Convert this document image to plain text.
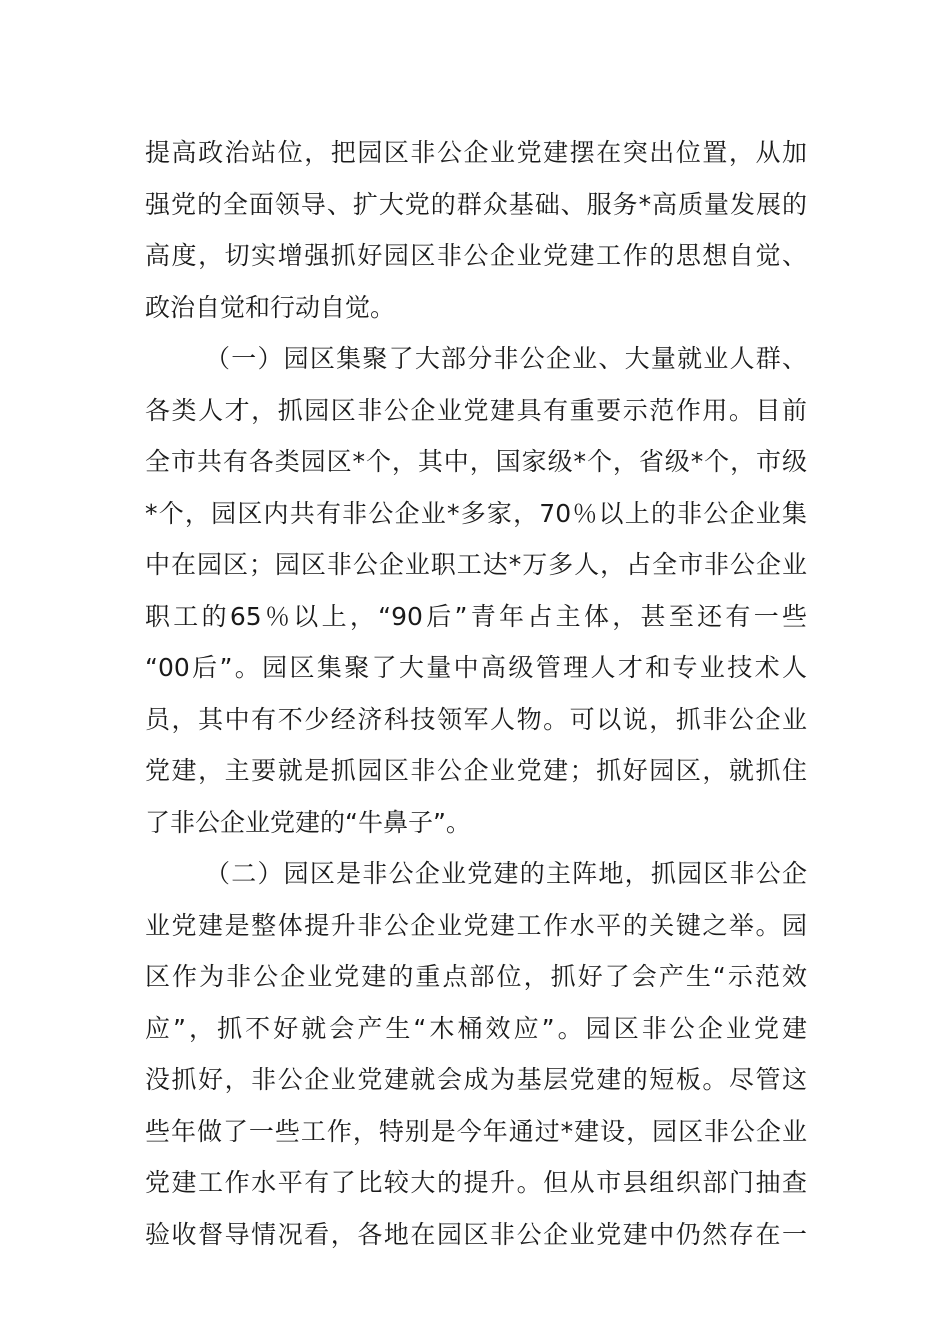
提高政治站位，把园区非公企业党建摆在突出位置，从加
强党的全面领导、扩大党的群众基础、服务*高质量发展的
高度，切实增强抓好园区非公企业党建工作的思想自觉、
政治自觉和行动自觉。
（一）园区集聚了大部分非公企业、大量就业人群、
各类人才，抓园区非公企业党建具有重要示范作用。目前
全市共有各类园区*个，其中，国家级*个，省级*个，市级
*个，园区内共有非公企业*多家，70％以上的非公企业集
中在园区；园区非公企业职工达*万多人，占全市非公企业
职工的65％以上，“90后”青年占主体，甚至还有一些
“00后”。园区集聚了大量中高级管理人才和专业技术人
员，其中有不少经济科技领军人物。可以说，抓非公企业
党建，主要就是抓园区非公企业党建；抓好园区，就抓住
了非公企业党建的“牛鼻子”。
（二）园区是非公企业党建的主阵地，抓园区非公企
业党建是整体提升非公企业党建工作水平的关键之举。园
区作为非公企业党建的重点部位，抓好了会产生“示范效
应”，抓不好就会产生“木桶效应”。园区非公企业党建
没抓好，非公企业党建就会成为基层党建的短板。尽管这
些年做了一些工作，特别是今年通过*建设，园区非公企业
党建工作水平有了比较大的提升。但从市县组织部门抽查
验收督导情况看，各地在园区非公企业党建中仍然存在一
